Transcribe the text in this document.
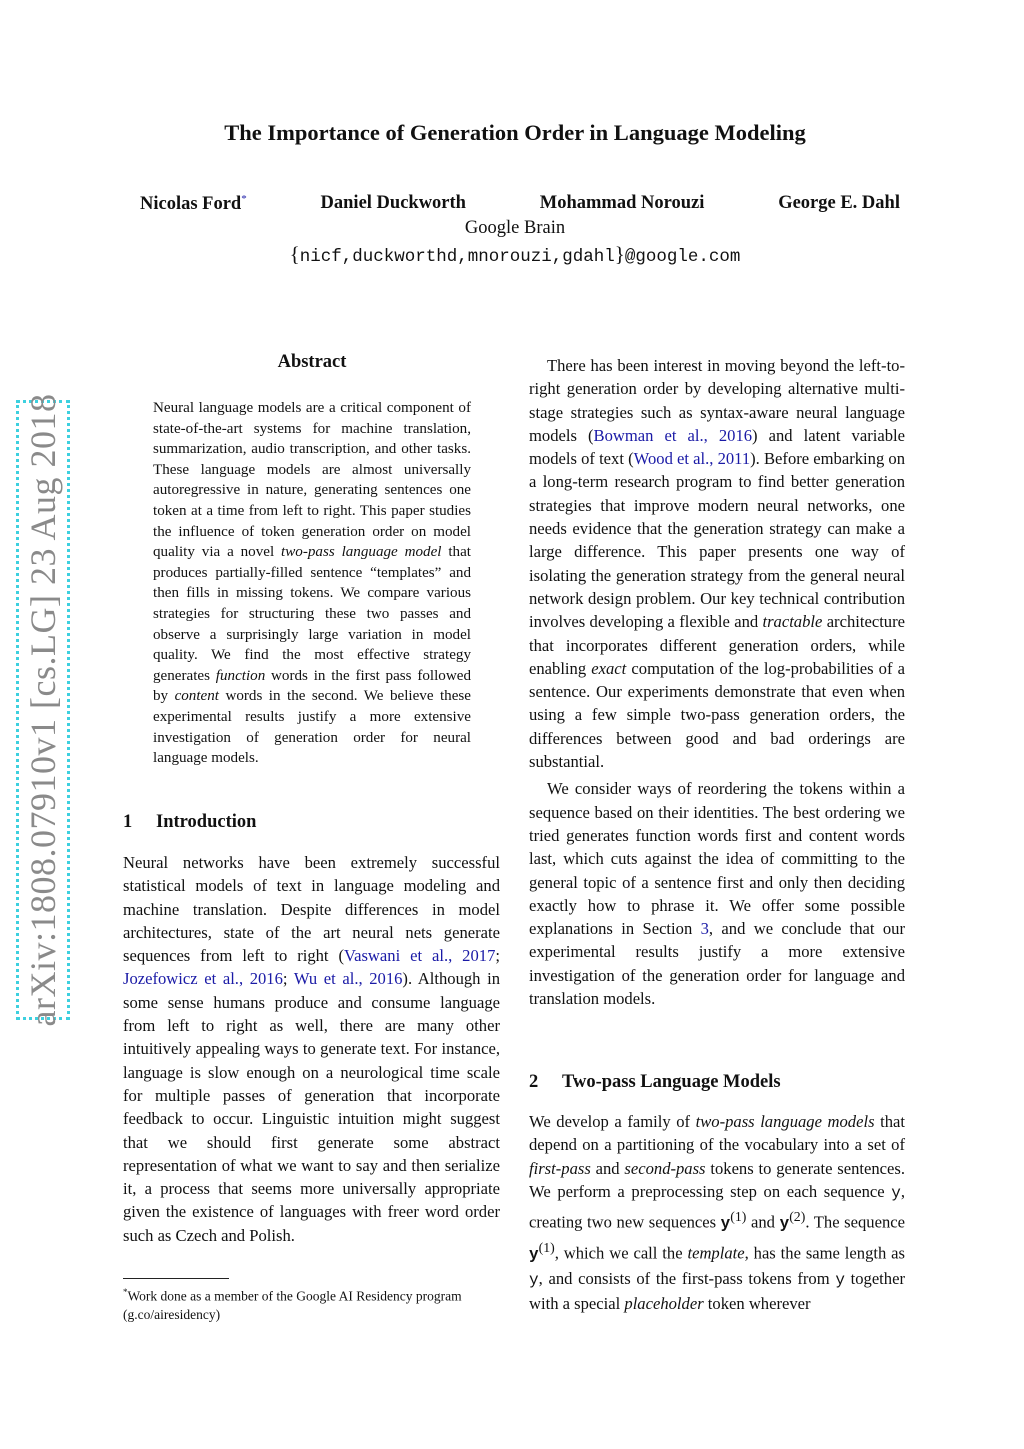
arXiv:1808.07910v1 [cs.LG] 23 Aug 2018
The Importance of Generation Order in Language Modeling
Nicolas Ford*	Daniel Duckworth	Mohammad Norouzi	George E. Dahl
Google Brain
{nicf,duckworthd,mnorouzi,gdahl}@google.com
Abstract
Neural language models are a critical component of state-of-the-art systems for machine translation, summarization, audio transcription, and other tasks. These language models are almost universally autoregressive in nature, generating sentences one token at a time from left to right. This paper studies the influence of token generation order on model quality via a novel two-pass language model that produces partially-filled sentence “templates” and then fills in missing tokens. We compare various strategies for structuring these two passes and observe a surprisingly large variation in model quality. We find the most effective strategy generates function words in the first pass followed by content words in the second. We believe these experimental results justify a more extensive investigation of generation order for neural language models.
1 Introduction

Neural networks have been extremely successful statistical models of text in language modeling and machine translation. Despite differences in model architectures, state of the art neural nets generate sequences from left to right (Vaswani et al., 2017; Jozefowicz et al., 2016; Wu et al., 2016). Although in some sense humans produce and consume language from left to right as well, there are many other intuitively appealing ways to generate text. For instance, language is slow enough on a neurological time scale for multiple passes of generation that incorporate feedback to occur. Linguistic intuition might suggest that we should first generate some abstract representation of what we want to say and then serialize it, a process that seems more universally appropriate given the existence of languages with freer word order such as Czech and Polish.

There has been interest in moving beyond the left-to-right generation order by developing alternative multi-stage strategies such as syntax-aware neural language models (Bowman et al., 2016) and latent variable models of text (Wood et al., 2011). Before embarking on a long-term research program to find better generation strategies that improve modern neural networks, one needs evidence that the generation strategy can make a large difference. This paper presents one way of isolating the generation strategy from the general neural network design problem. Our key technical contribution involves developing a flexible and tractable architecture that incorporates different generation orders, while enabling exact computation of the log-probabilities of a sentence. Our experiments demonstrate that even when using a few simple two-pass generation orders, the differences between good and bad orderings are substantial.

We consider ways of reordering the tokens within a sequence based on their identities. The best ordering we tried generates function words first and content words last, which cuts against the idea of committing to the general topic of a sentence first and only then deciding exactly how to phrase it. We offer some possible explanations in Section 3, and we conclude that our experimental results justify a more extensive investigation of the generation order for language and translation models.

2 Two-pass Language Models

We develop a family of two-pass language models that depend on a partitioning of the vocabulary into a set of first-pass and second-pass tokens to generate sentences. We perform a preprocessing step on each sequence y, creating two new sequences $y^{(1)}$ and $y^{(2)}$. The sequence $y^{(1)}$, which we call the template, has the same length as y, and consists of the first-pass tokens from y together with a special placeholder token wherever

*Work done as a member of the Google AI Residency program (g.co/airesidency)
